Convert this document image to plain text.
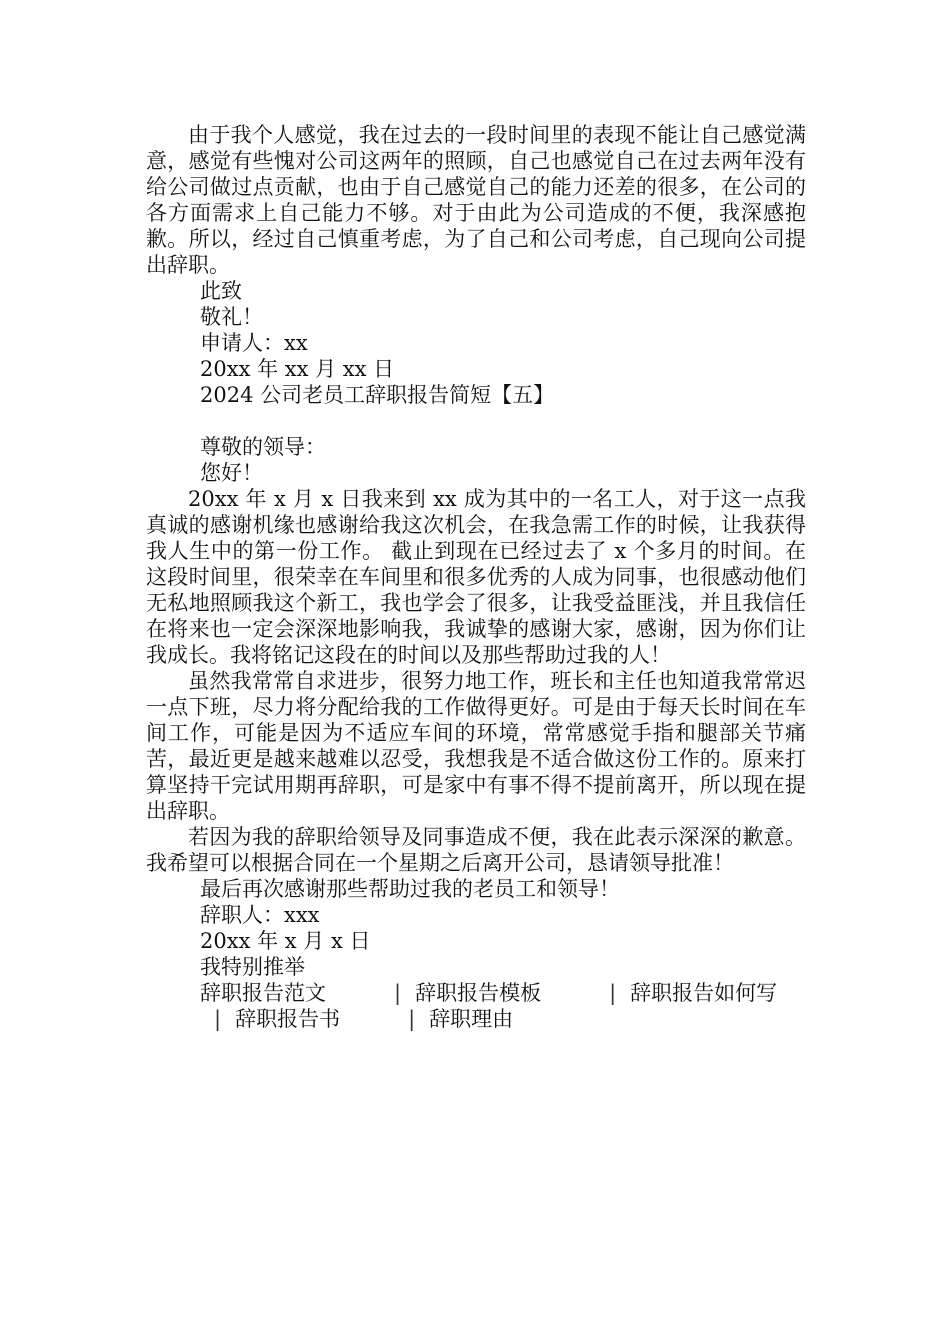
由于我个人感觉，我在过去的一段时间里的表现不能让自己感觉满意，感觉有些愧对公司这两年的照顾，自己也感觉自己在过去两年没有给公司做过点贡献，也由于自己感觉自己的能力还差的很多，在公司的各方面需求上自己能力不够。对于由此为公司造成的不便，我深感抱歉。所以，经过自己慎重考虑，为了自己和公司考虑，自己现向公司提出辞职。

此致

敬礼！

申请人：xx

20xx 年 xx 月 xx 日

2024 公司老员工辞职报告简短【五】

尊敬的领导：

您好！

20xx 年 x 月 x 日我来到 xx 成为其中的一名工人，对于这一点我真诚的感谢机缘也感谢给我这次机会，在我急需工作的时候，让我获得我人生中的第一份工作。 截止到现在已经过去了 x 个多月的时间。在这段时间里，很荣幸在车间里和很多优秀的人成为同事，也很感动他们无私地照顾我这个新工，我也学会了很多，让我受益匪浅，并且我信任在将来也一定会深深地影响我，我诚挚的感谢大家，感谢，因为你们让我成长。我将铭记这段在的时间以及那些帮助过我的人！

虽然我常常自求进步，很努力地工作，班长和主任也知道我常常迟一点下班，尽力将分配给我的工作做得更好。可是由于每天长时间在车间工作，可能是因为不适应车间的环境，常常感觉手指和腿部关节痛苦，最近更是越来越难以忍受，我想我是不适合做这份工作的。原来打算坚持干完试用期再辞职，可是家中有事不得不提前离开，所以现在提出辞职。

若因为我的辞职给领导及同事造成不便，我在此表示深深的歉意。我希望可以根据合同在一个星期之后离开公司，恳请领导批准！

最后再次感谢那些帮助过我的老员工和领导！

辞职人：xxx

20xx 年 x 月 x 日

我特别推举

辞职报告范文	| 辞职报告模板	| 辞职报告如何写| 辞职报告书	| 辞职理由
